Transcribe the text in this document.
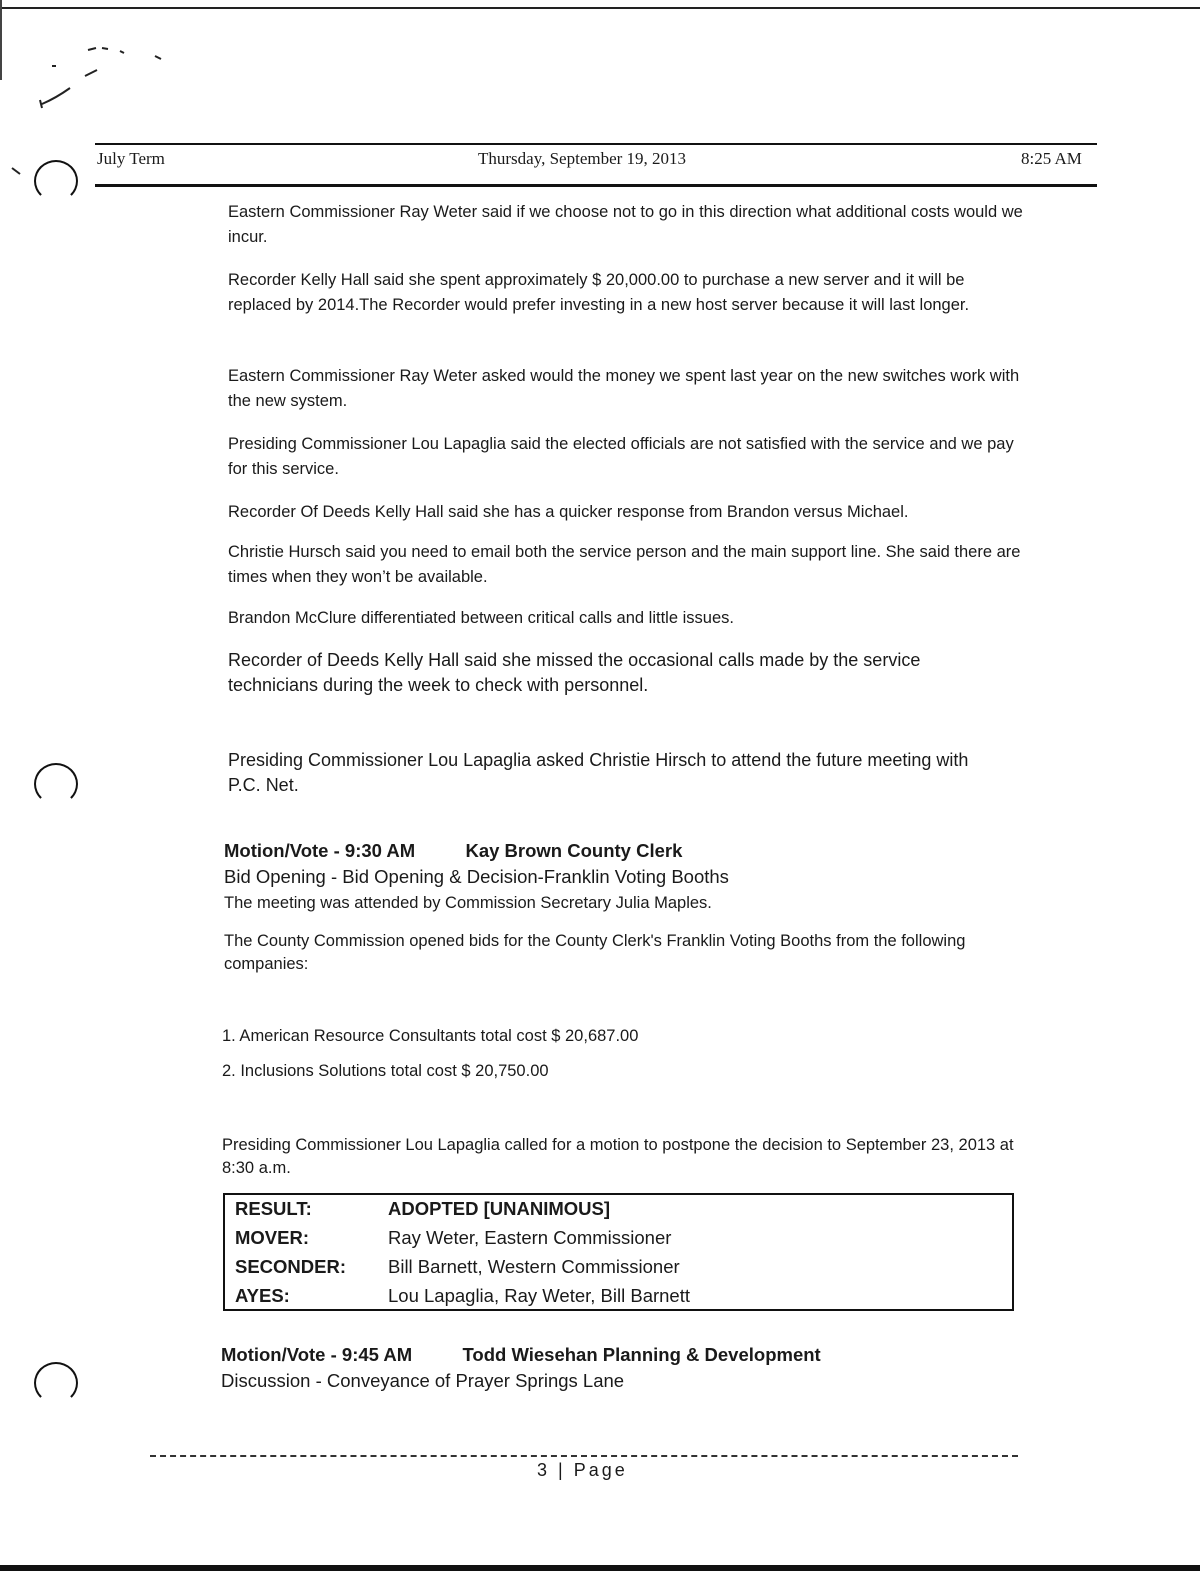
July Term	Thursday, September 19, 2013	8:25 AM

Eastern Commissioner Ray Weter said if we choose not to go in this direction what additional costs would we incur.

Recorder Kelly Hall said she spent approximately $ 20,000.00 to purchase a new server and it will be replaced by 2014.The Recorder would prefer investing in a new host server because it will last longer.

Eastern Commissioner Ray Weter asked would the money we spent last year on the new switches work with the new system.

Presiding Commissioner Lou Lapaglia said the elected officials are not satisfied with the service and we pay for this service.

Recorder Of Deeds Kelly Hall said she has a quicker response from Brandon versus Michael.

Christie Hursch said you need to email both the service person and the main support line. She said there are times when they won’t be available.

Brandon McClure differentiated between critical calls and little issues.

Recorder of Deeds Kelly Hall said she missed the occasional calls made by the service technicians during the week to check with personnel.

Presiding Commissioner Lou Lapaglia asked Christie Hirsch to attend the future meeting with P.C. Net.

Motion/Vote - 9:30 AM	Kay Brown County Clerk
Bid Opening - Bid Opening & Decision-Franklin Voting Booths

The meeting was attended by Commission Secretary Julia Maples.

The County Commission opened bids for the County Clerk's Franklin Voting Booths from the following companies:

1. American Resource Consultants total cost $ 20,687.00

2. Inclusions Solutions total cost $ 20,750.00

Presiding Commissioner Lou Lapaglia called for a motion to postpone the decision to September 23, 2013 at 8:30 a.m.

RESULT:	ADOPTED [UNANIMOUS]
MOVER:	Ray Weter, Eastern Commissioner
SECONDER: Bill Barnett, Western Commissioner
AYES:	Lou Lapaglia, Ray Weter, Bill Barnett
Motion/Vote - 9:45 AM	Todd Wiesehan Planning & Development
Discussion - Conveyance of Prayer Springs Lane
3 | Page
